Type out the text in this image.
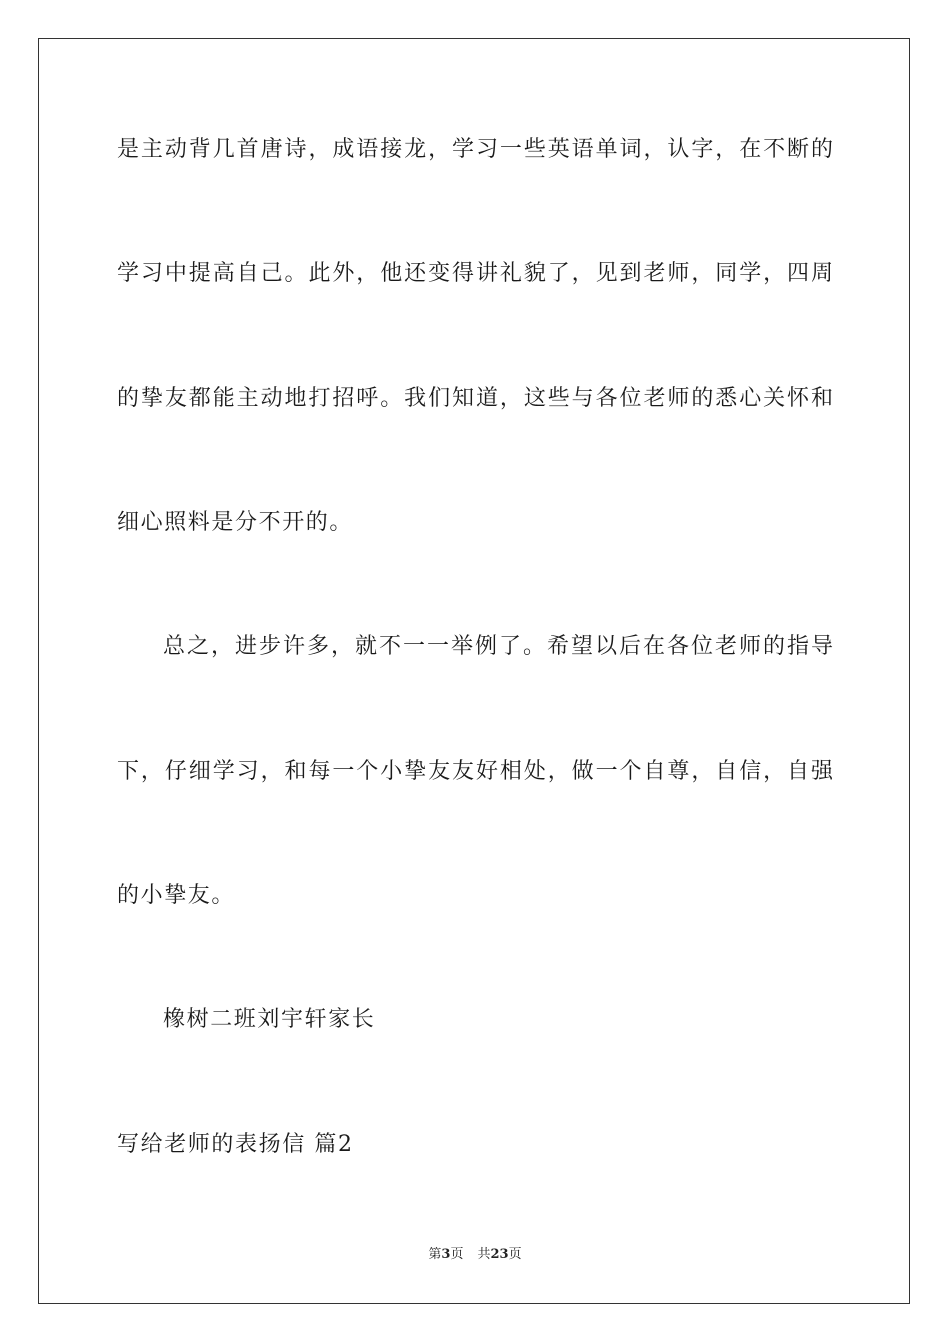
是主动背几首唐诗，成语接龙，学习一些英语单词，认字，在不断的
学习中提高自己。此外，他还变得讲礼貌了，见到老师，同学，四周
的挚友都能主动地打招呼。我们知道，这些与各位老师的悉心关怀和
细心照料是分不开的。
总之，进步许多，就不一一举例了。希望以后在各位老师的指导
下，仔细学习，和每一个小挚友友好相处，做一个自尊，自信，自强
的小挚友。
橡树二班刘宇轩家长
写给老师的表扬信 篇2
第3页 共23页
